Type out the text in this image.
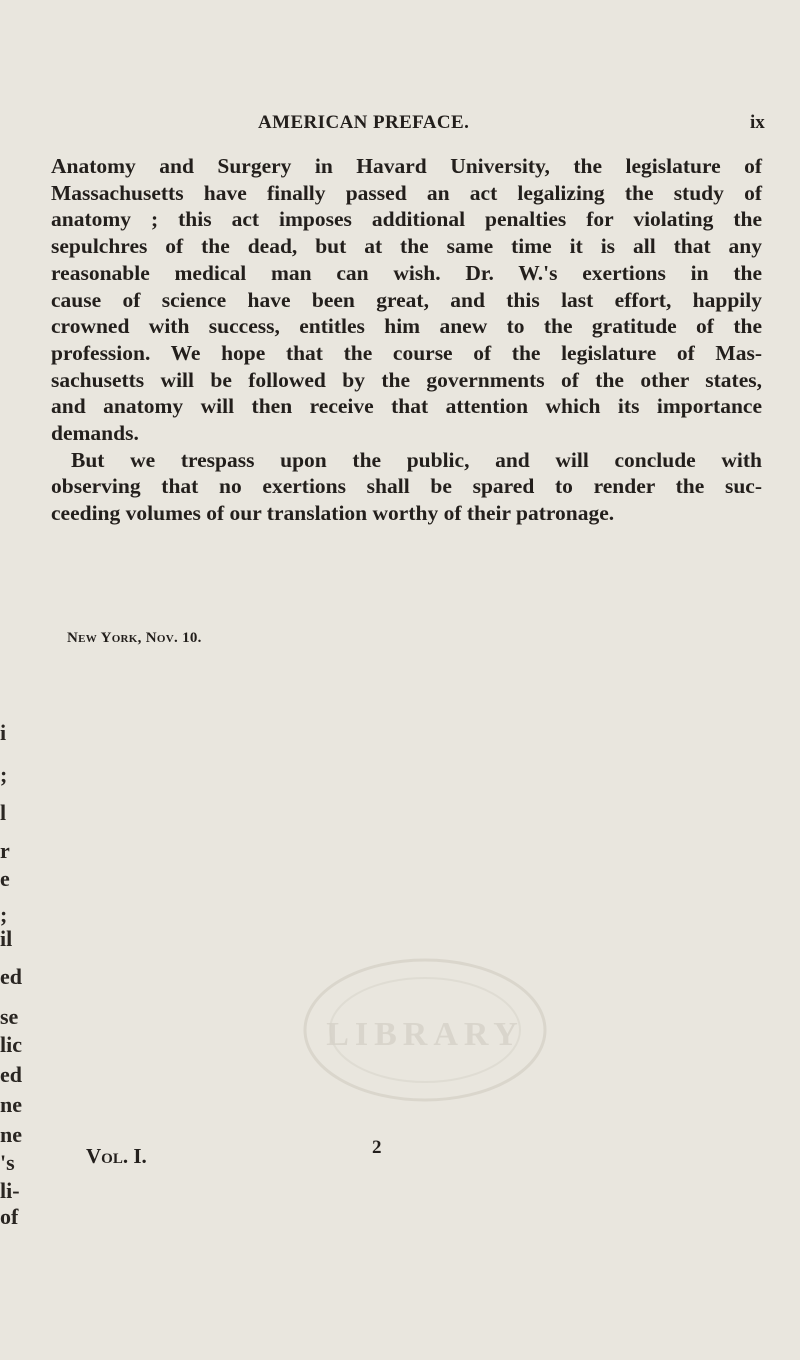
AMERICAN PREFACE.	ix
Anatomy and Surgery in Havard University, the legislature of
Massachusetts have finally passed an act legalizing the study of
anatomy ; this act imposes additional penalties for violating the
sepulchres of the dead, but at the same time it is all that any
reasonable medical man can wish. Dr. W.'s exertions in the
cause of science have been great, and this last effort, happily
crowned with success, entitles him anew to the gratitude of the
profession. We hope that the course of the legislature of Mas-
sachusetts will be followed by the governments of the other states,
and anatomy will then receive that attention which its importance
demands.
But we trespass upon the public, and will conclude with
observing that no exertions shall be spared to render the suc-
ceeding volumes of our translation worthy of their patronage.
New York, Nov. 10.
LIBRARY
Vol. I.	2
i
;
l
r
e
;
il
ed
se
lic
ed
ne
ne
's
li-
of
